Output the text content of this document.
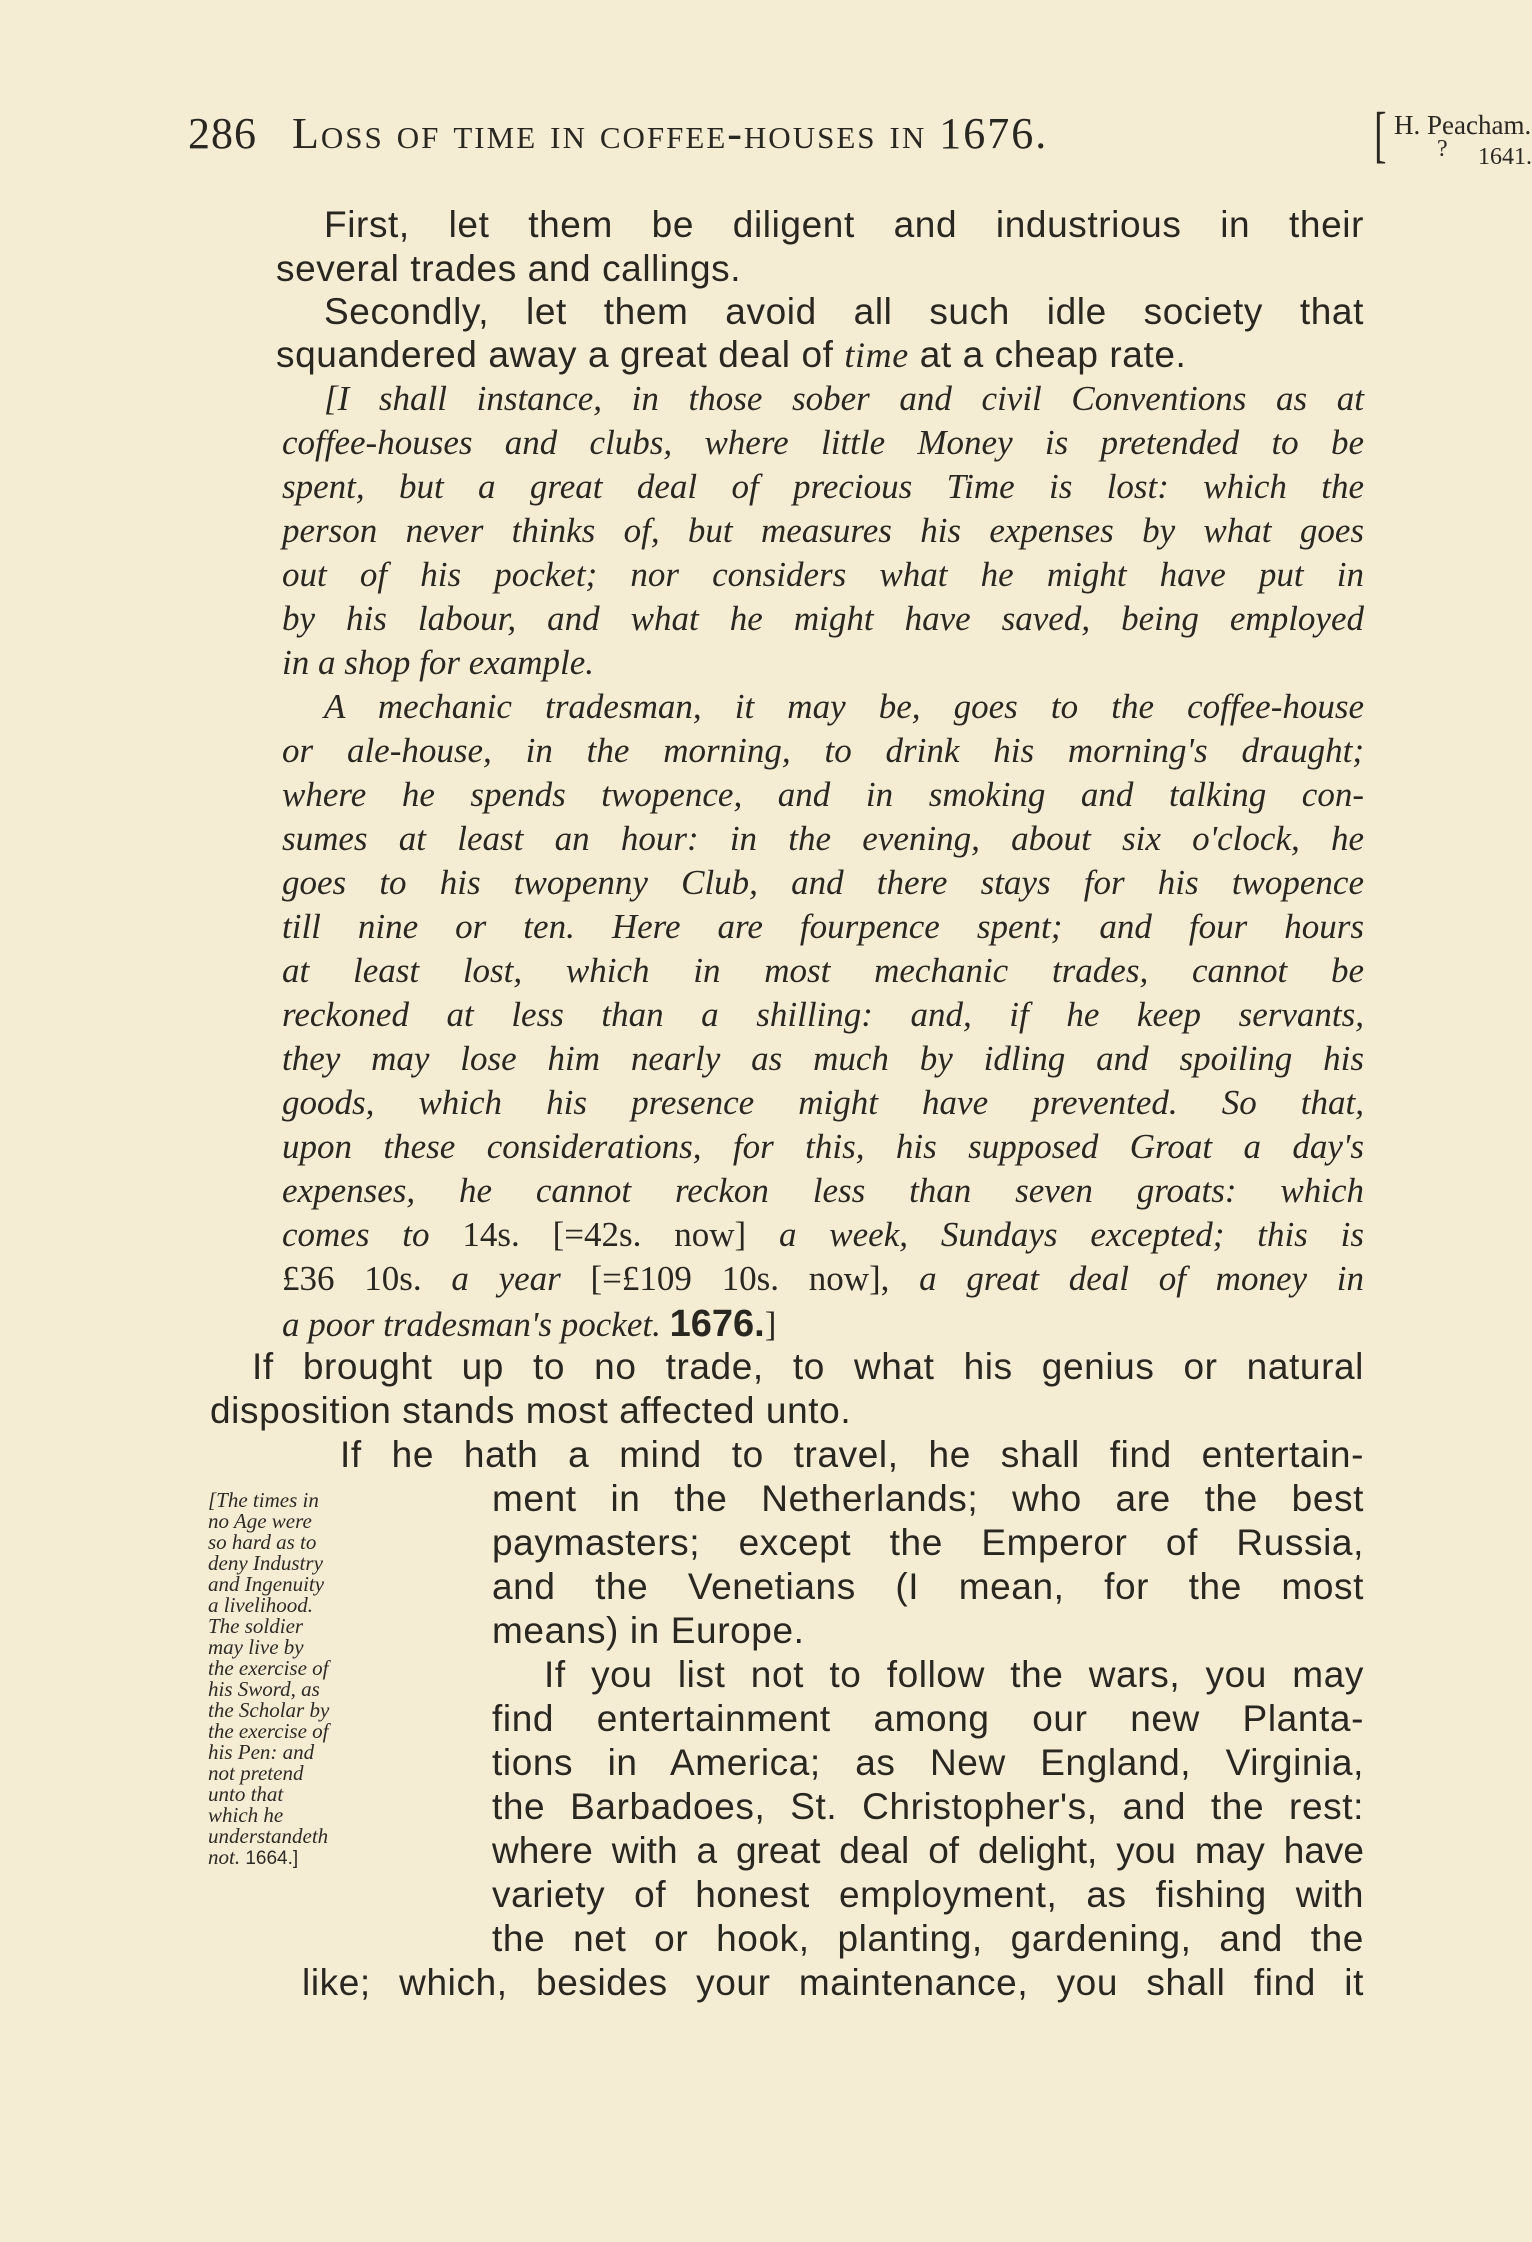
286 Loss of time in coffee-houses in 1676.	[ H. Peacham.
? 1641.
First, let them be diligent and industrious in their
several trades and callings.
Secondly, let them avoid all such idle society that
squandered away a great deal of time at a cheap rate.
[I shall instance, in those sober and civil Conventions as at
coffee-houses and clubs, where little Money is pretended to be
spent, but a great deal of precious Time is lost: which the
person never thinks of, but measures his expenses by what goes
out of his pocket; nor considers what he might have put in
by his labour, and what he might have saved, being employed
in a shop for example.
A mechanic tradesman, it may be, goes to the coffee-house
or ale-house, in the morning, to drink his morning's draught;
where he spends twopence, and in smoking and talking con-
sumes at least an hour: in the evening, about six o'clock, he
goes to his twopenny Club, and there stays for his twopence
till nine or ten. Here are fourpence spent; and four hours
at least lost, which in most mechanic trades, cannot be
reckoned at less than a shilling: and, if he keep servants,
they may lose him nearly as much by idling and spoiling his
goods, which his presence might have prevented. So that,
upon these considerations, for this, his supposed Groat a day's
expenses, he cannot reckon less than seven groats: which
comes to 14s. [=42s. now] a week, Sundays excepted; this is
£36 10s. a year [=£109 10s. now], a great deal of money in
a poor tradesman's pocket. 1676.]
If brought up to no trade, to what his genius or natural
disposition stands most affected unto.
If he hath a mind to travel, he shall find entertain-
ment in the Netherlands; who are the best
paymasters; except the Emperor of Russia,
and the Venetians (I mean, for the most
means) in Europe.
If you list not to follow the wars, you may
find entertainment among our new Planta-
tions in America; as New England, Virginia,
the Barbadoes, St. Christopher's, and the rest:
where with a great deal of delight, you may have
variety of honest employment, as fishing with
the net or hook, planting, gardening, and the
like; which, besides your maintenance, you shall find it
[The times in
no Age were
so hard as to
deny Industry
and Ingenuity
a livelihood.
The soldier
may live by
the exercise of
his Sword, as
the Scholar by
the exercise of
his Pen: and
not pretend
unto that
which he
understandeth
not. 1664.]
